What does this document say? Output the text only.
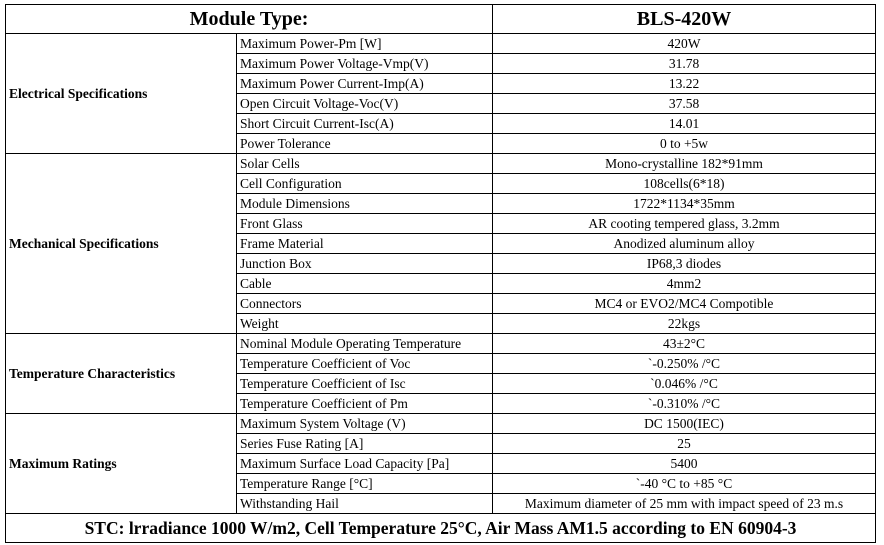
Module Type:		BLS-420W
Electrical Specifications	Maximum Power-Pm [W]	420W
	Maximum Power Voltage-Vmp(V)	31.78
	Maximum Power Current-Imp(A)	13.22
	Open Circuit Voltage-Voc(V)	37.58
	Short Circuit Current-Isc(A)	14.01
	Power Tolerance	0 to +5w
Mechanical Specifications	Solar Cells	Mono-crystalline 182*91mm
	Cell Configuration	108cells(6*18)
	Module Dimensions	1722*1134*35mm
	Front Glass	AR cooting tempered glass, 3.2mm
	Frame Material	Anodized aluminum alloy
	Junction Box	IP68,3 diodes
	Cable	4mm2
	Connectors	MC4 or EVO2/MC4 Compotible
	Weight	22kgs
Temperature Characteristics	Nominal Module Operating Temperature	43±2°C
	Temperature Coefficient of Voc	`-0.250% /°C
	Temperature Coefficient of Isc	`0.046% /°C
	Temperature Coefficient of Pm	`-0.310% /°C
Maximum Ratings	Maximum System Voltage (V)	DC 1500(IEC)
	Series Fuse Rating [A]	25
	Maximum Surface Load Capacity [Pa]	5400
	Temperature Range [°C]	`-40 °C to +85 °C
	Withstanding Hail	Maximum diameter of 25 mm with impact speed of 23 m.s
STC: lrradiance 1000 W/m2, Cell Temperature 25°C, Air Mass AM1.5 according to EN 60904-3		
